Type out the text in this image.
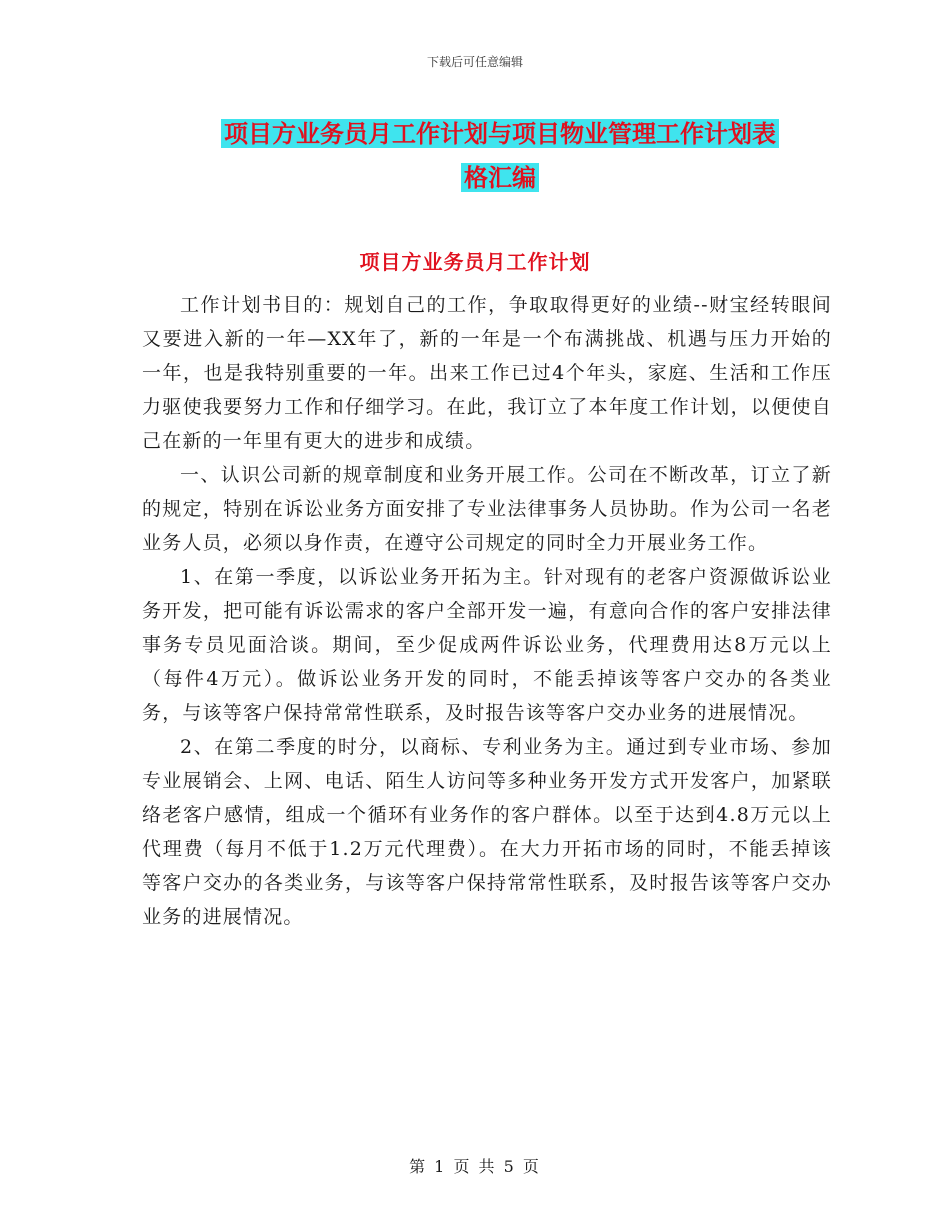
下载后可任意编辑
项目方业务员月工作计划与项目物业管理工作计划表
格汇编
项目方业务员月工作计划

工作计划书目的：规划自己的工作，争取取得更好的业绩--财宝经转眼间又要进入新的一年—XX年了，新的一年是一个布满挑战、机遇与压力开始的一年，也是我特别重要的一年。出来工作已过4个年头，家庭、生活和工作压力驱使我要努力工作和仔细学习。在此，我订立了本年度工作计划，以便使自己在新的一年里有更大的进步和成绩。

一、认识公司新的规章制度和业务开展工作。公司在不断改革，订立了新的规定，特别在诉讼业务方面安排了专业法律事务人员协助。作为公司一名老业务人员，必须以身作责，在遵守公司规定的同时全力开展业务工作。

1、在第一季度，以诉讼业务开拓为主。针对现有的老客户资源做诉讼业务开发，把可能有诉讼需求的客户全部开发一遍，有意向合作的客户安排法律事务专员见面洽谈。期间，至少促成两件诉讼业务，代理费用达8万元以上（每件4万元）。做诉讼业务开发的同时，不能丢掉该等客户交办的各类业务，与该等客户保持常常性联系，及时报告该等客户交办业务的进展情况。

2、在第二季度的时分，以商标、专利业务为主。通过到专业市场、参加专业展销会、上网、电话、陌生人访问等多种业务开发方式开发客户，加紧联络老客户感情，组成一个循环有业务作的客户群体。以至于达到4.8万元以上代理费（每月不低于1.2万元代理费）。在大力开拓市场的同时，不能丢掉该等客户交办的各类业务，与该等客户保持常常性联系，及时报告该等客户交办业务的进展情况。

第 1 页 共 5 页
